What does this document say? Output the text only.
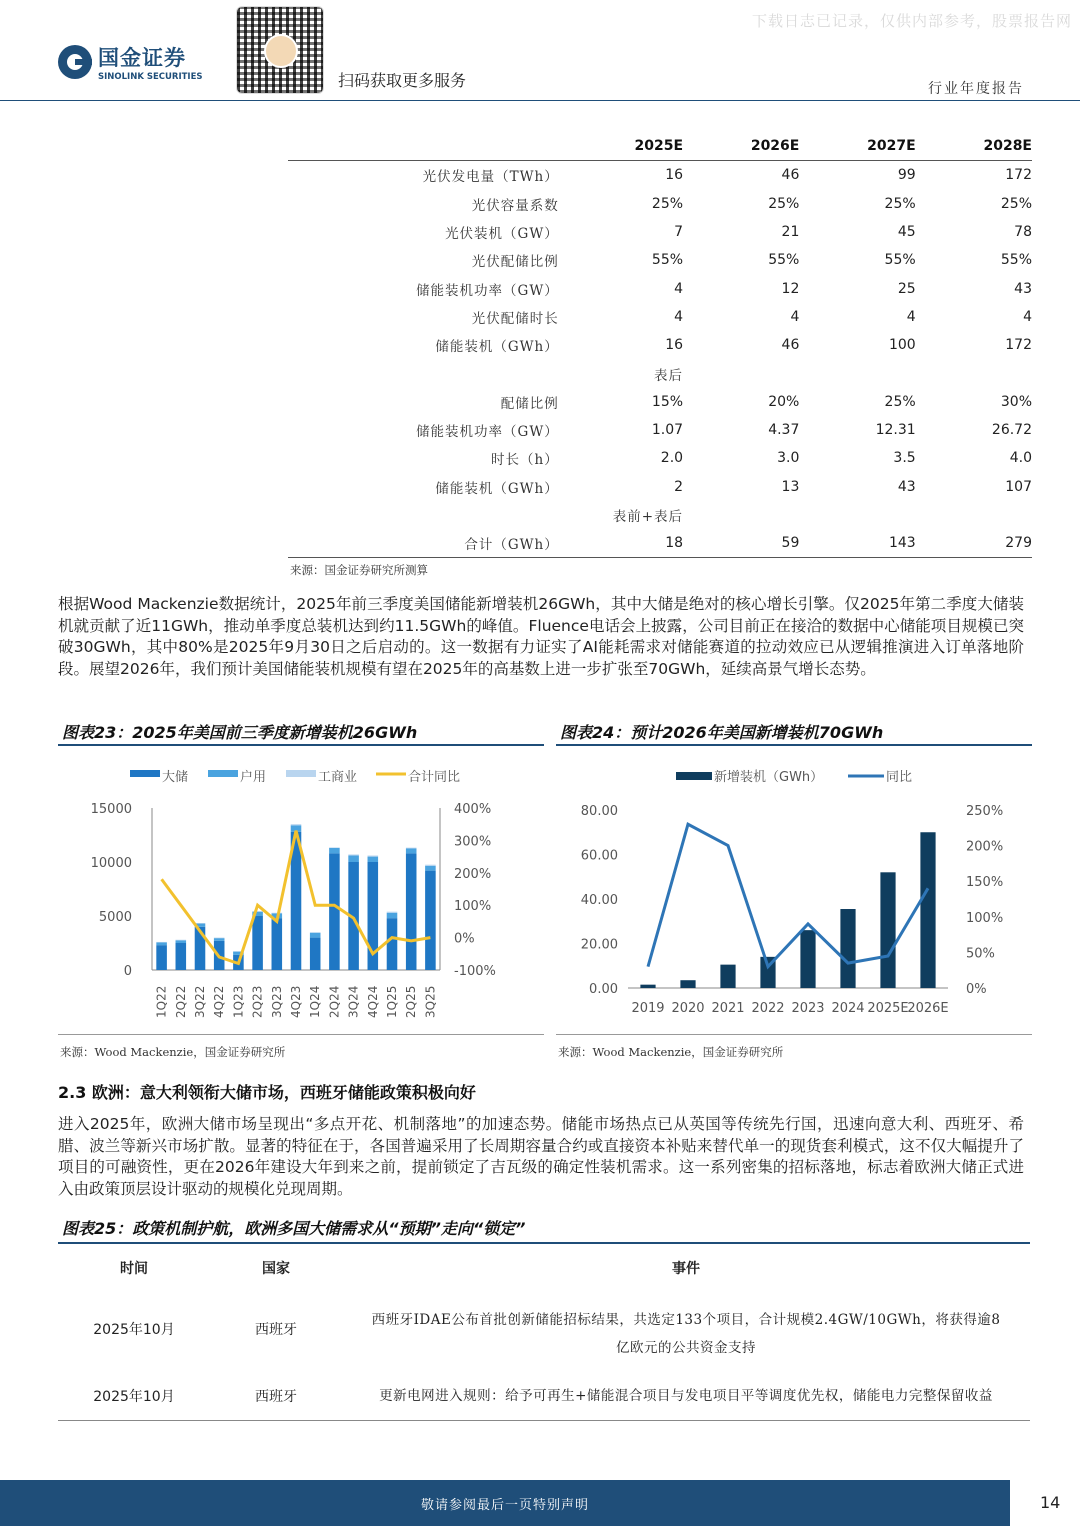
下载日志已记录，仅供内部参考，股票报告网
国金证券
SINOLINK SECURITIES	扫码获取更多服务	行业年度报告
	2025E	2026E	2027E	2028E
光伏发电量（TWh）	16	46	99	172
光伏容量系数	25%	25%	25%	25%
光伏装机（GW）	7	21	45	78
光伏配储比例	55%	55%	55%	55%
储能装机功率（GW）	4	12	25	43
光伏配储时长	4	4	4	4
储能装机（GWh）	16	46	100	172
表后				
配储比例	15%	20%	25%	30%
储能装机功率（GW）	1.07	4.37	12.31	26.72
时长（h）	2.0	3.0	3.5	4.0
储能装机（GWh）	2	13	43	107
表前+表后				
合计（GWh）	18	59	143	279
来源：国金证券研究所测算
根据Wood Mackenzie数据统计，2025年前三季度美国储能新增装机26GWh，其中大储是绝对的核心增长引擎。仅2025年第二季度大储装机就贡献了近11GWh，推动单季度总装机达到约11.5GWh的峰值。Fluence电话会上披露，公司目前正在接洽的数据中心储能项目规模已突破30GWh，其中80%是2025年9月30日之后启动的。这一数据有力证实了AI能耗需求对储能赛道的拉动效应已从逻辑推演进入订单落地阶段。展望2026年，我们预计美国储能装机规模有望在2025年的高基数上进一步扩张至70GWh，延续高景气增长态势。
图表23：2025年美国前三季度新增装机26GWh	图表24：预计2026年美国新增装机70GWh
大储	户用	工商业	合计同比
0
5000
10000
15000
-100%
0%
100%
200%
300%
400%
1Q22 2Q22 3Q22 4Q22 1Q23 2Q23 3Q23 4Q23 1Q24 2Q24 3Q24 4Q24 1Q25 2Q25 3Q25
新增装机（GWh）	同比
0.00
20.00
40.00
60.00
80.00
0%
50%
100%
150%
200%
250%
2019 2020 2021 2022 2023 2024 2025E
2026E
来源：Wood Mackenzie，国金证券研究所	来源：Wood Mackenzie，国金证券研究所
2.3 欧洲：意大利领衔大储市场，西班牙储能政策积极向好
进入2025年，欧洲大储市场呈现出“多点开花、机制落地”的加速态势。储能市场热点已从英国等传统先行国，迅速向意大利、西班牙、希腊、波兰等新兴市场扩散。显著的特征在于，各国普遍采用了长周期容量合约或直接资本补贴来替代单一的现货套利模式，这不仅大幅提升了项目的可融资性，更在2026年建设大年到来之前，提前锁定了吉瓦级的确定性装机需求。这一系列密集的招标落地，标志着欧洲大储正式进入由政策顶层设计驱动的规模化兑现周期。
图表25：政策机制护航，欧洲多国大储需求从“预期”走向“锁定”
时间	国家	事件
2025年10月	西班牙	西班牙IDAE公布首批创新储能招标结果，共选定133个项目，合计规模2.4GW/10GWh，将获得逾8亿欧元的公共资金支持
2025年10月	西班牙	更新电网进入规则：给予可再生+储能混合项目与发电项目平等调度优先权，储能电力完整保留收益
敬请参阅最后一页特别声明	14
